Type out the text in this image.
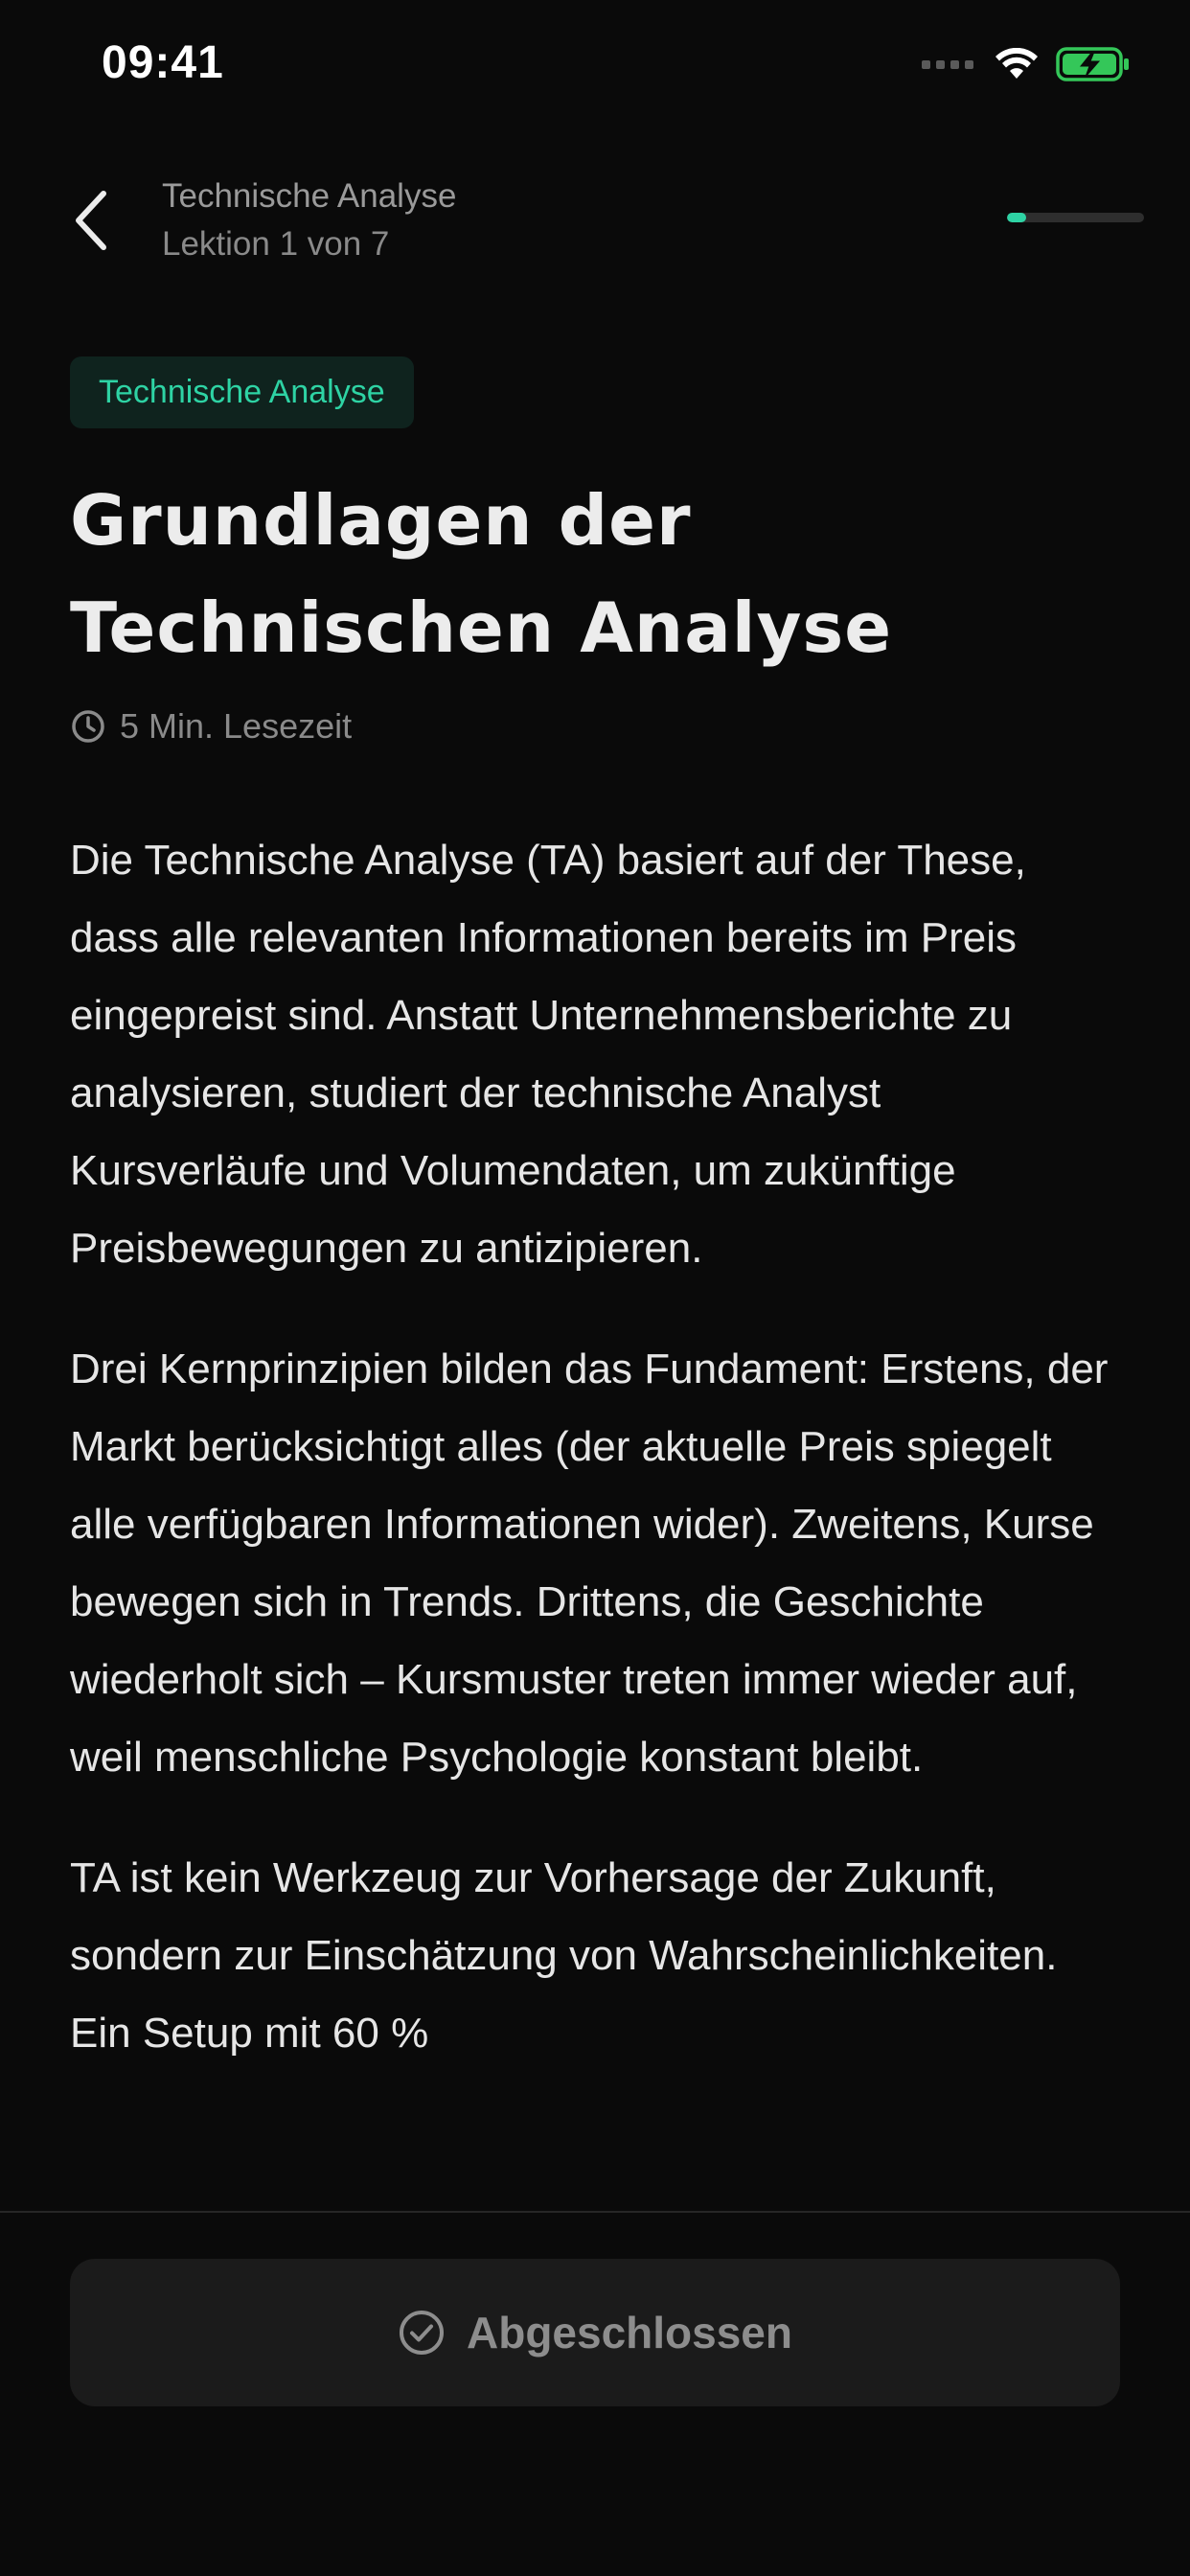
09:41
Technische Analyse
Lektion 1 von 7
Technische Analyse
Grundlagen der
Technischen Analyse
5 Min. Lesezeit

Die Technische Analyse (TA) basiert auf der These, dass alle relevanten Informationen bereits im Preis eingepreist sind. Anstatt Unternehmensberichte zu analysieren, studiert der technische Analyst Kursverläufe und Volumendaten, um zukünftige Preisbewegungen zu antizipieren.

Drei Kernprinzipien bilden das Fundament: Erstens, der Markt berücksichtigt alles (der aktuelle Preis spiegelt alle verfügbaren Informationen wider). Zweitens, Kurse bewegen sich in Trends. Drittens, die Geschichte wiederholt sich – Kursmuster treten immer wieder auf, weil menschliche Psychologie konstant bleibt.

TA ist kein Werkzeug zur Vorhersage der Zukunft, sondern zur Einschätzung von Wahrscheinlichkeiten. Ein Setup mit 60 %

Abgeschlossen
